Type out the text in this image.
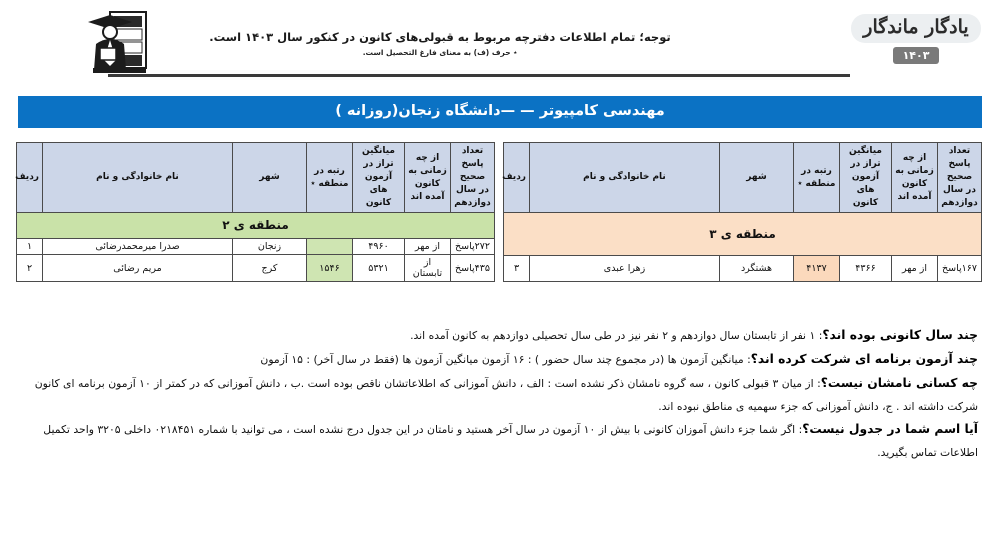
توجه؛ تمام اطلاعات دفترچه مربوط به قبولی‌های کانون در کنکور سال ۱۴۰۳ است.
٭ حرف (ف) به معنای فارغ التحصیل است.
یادگار ماندگار
۱۴۰۳
مهندسی کامپیوتر — —دانشگاه زنجان(روزانه )
تعداد پاسخ صحیح در سال دوازدهم	از چه زمانی به کانون آمده اند	میانگین تراز در آزمون های کانون	رتبه در منطقه ٭	شهر	نام خانوادگی و نام	ردیف
منطقه ی ۳						
۱۶۷پاسخ	از مهر	۴۳۶۶	۴۱۳۷	هشتگرد	زهرا عبدی	۳
تعداد پاسخ صحیح در سال دوازدهم	از چه زمانی به کانون آمده اند	میانگین تراز در آزمون های کانون	رتبه در منطقه ٭	شهر	نام خانوادگی و نام	ردیف
منطقه ی ۲						
۲۷۲پاسخ	از مهر	۴۹۶۰		زنجان	صدرا میرمحمدرضائی	۱
۴۳۵پاسخ	از تابستان	۵۳۲۱	۱۵۴۶	کرج	مریم رضائی	۲
چند سال کانونی بوده اند؟: ۱ نفر از تابستان سال دوازدهم و ۲ نفر نیز در طی سال تحصیلی دوازدهم به کانون آمده اند.
چند آزمون برنامه ای شرکت کرده اند؟: میانگین آزمون ها (در مجموع چند سال حضور ) : ۱۶ آزمون میانگین آزمون ها (فقط در سال آخر) : ۱۵ آزمون
چه کسانی نامشان نیست؟: از میان ۳ قبولی کانون ، سه گروه نامشان ذکر نشده است : الف ، دانش آموزانی که اطلاعاتشان ناقص بوده است .ب ، دانش آموزانی که در کمتر از ۱۰ آزمون برنامه ای کانون شرکت داشته اند . ج، دانش آموزانی که جزء سهمیه ی مناطق نبوده اند.
آیا اسم شما در جدول نیست؟: اگر شما جزء دانش آموزان کانونی با بیش از ۱۰ آزمون در سال آخر هستید و نامتان در این جدول درج نشده است ، می توانید با شماره ۰۲۱۸۴۵۱ داخلی ۳۲۰۵ واحد تکمیل اطلاعات تماس بگیرید.
